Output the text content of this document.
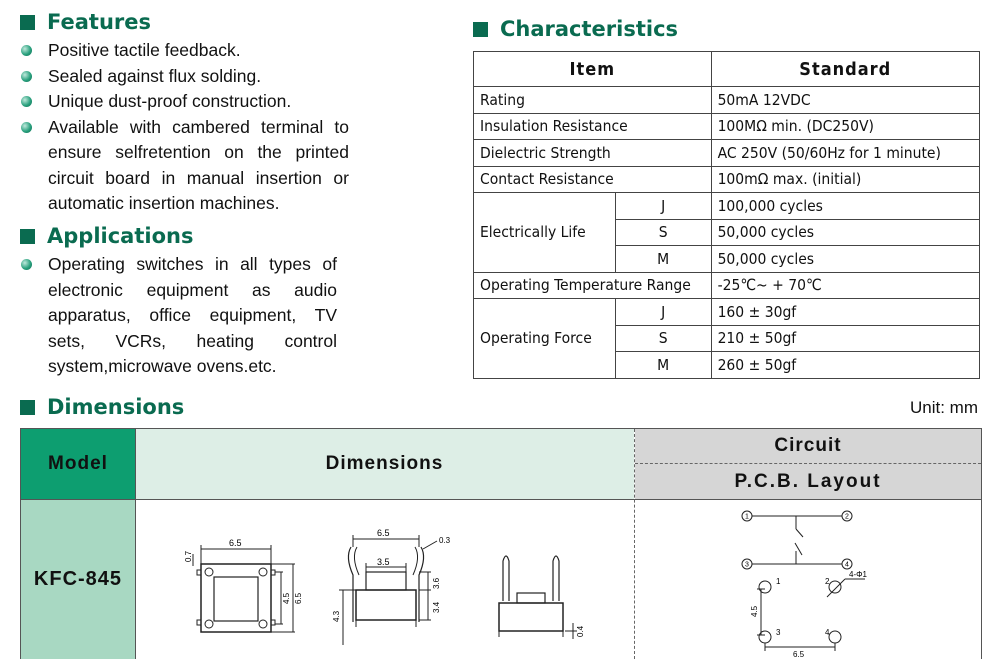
Features
Positive tactile feedback.
Sealed against flux solding.
Unique dust-proof construction.
Available with cambered terminal to
ensure selfretention on the printed
circuit board in manual insertion or
automatic insertion machines.
Applications
Operating switches in all types of
electronic equipment as audio
apparatus, office equipment, TV
sets, VCRs, heating control
system,microwave ovens.etc.
Characteristics
Item		Standard
Rating		50mA 12VDC
Insulation Resistance		100MΩ min. (DC250V)
Dielectric Strength		AC 250V (50/60Hz for 1 minute)
Contact Resistance		100mΩ max. (initial)
Electrically Life	J	100,000 cycles
	S	50,000 cycles
	M	50,000 cycles
Operating Temperature Range		-25℃~ + 70℃
Operating Force	J	160 ± 30gf
	S	210 ± 50gf
	M	260 ± 50gf
Dimensions	Unit: mm
Model	Dimensions
Circuit
P.C.B. Layout
KFC-845
6.5
0.7
4.5 6.5
6.5
0.3
3.5
3.6
3.4
4.3
0.4
1	2
3	4
1	2
3	4
4-Φ1
4.5
6.5
